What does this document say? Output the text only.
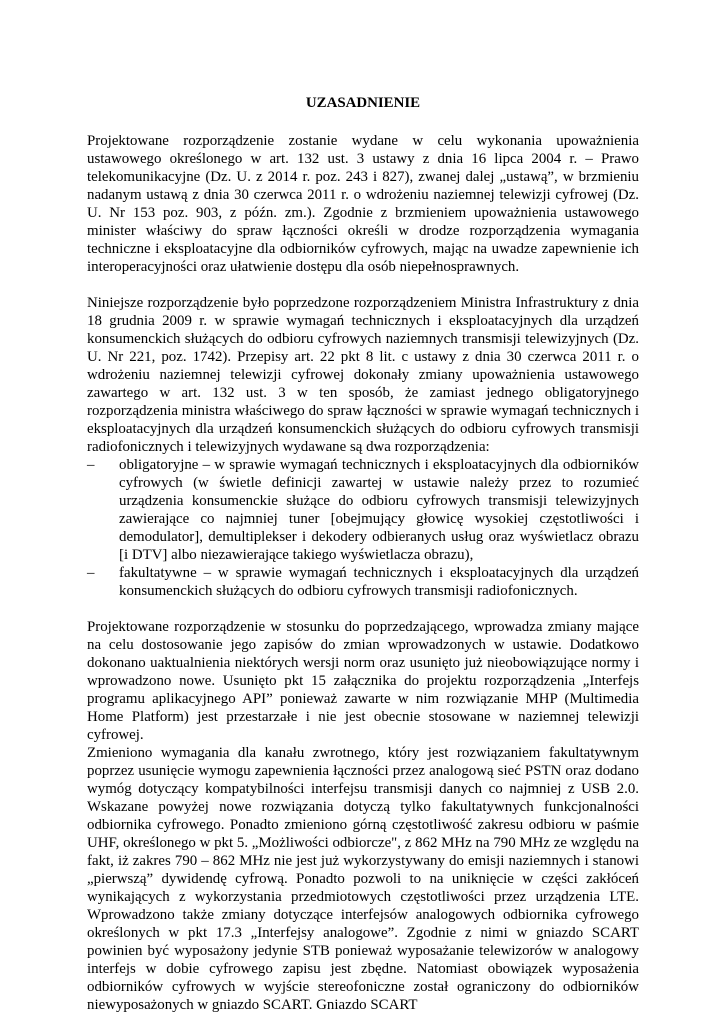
UZASADNIENIE

Projektowane rozporządzenie zostanie wydane w celu wykonania upoważnienia ustawowego określonego w art. 132 ust. 3 ustawy z dnia 16 lipca 2004 r. – Prawo telekomunikacyjne (Dz. U. z 2014 r. poz. 243 i 827), zwanej dalej „ustawą”, w brzmieniu nadanym ustawą z dnia 30 czerwca 2011 r. o wdrożeniu naziemnej telewizji cyfrowej (Dz. U. Nr 153 poz. 903, z późn. zm.). Zgodnie z brzmieniem upoważnienia ustawowego minister właściwy do spraw łączności określi w drodze rozporządzenia wymagania techniczne i eksploatacyjne dla odbiorników cyfrowych, mając na uwadze zapewnienie ich interoperacyjności oraz ułatwienie dostępu dla osób niepełnosprawnych.

Niniejsze rozporządzenie było poprzedzone rozporządzeniem Ministra Infrastruktury z dnia 18 grudnia 2009 r. w sprawie wymagań technicznych i eksploatacyjnych dla urządzeń konsumenckich służących do odbioru cyfrowych naziemnych transmisji telewizyjnych (Dz. U. Nr 221, poz. 1742). Przepisy art. 22 pkt 8 lit. c ustawy z dnia 30 czerwca 2011 r. o wdrożeniu naziemnej telewizji cyfrowej dokonały zmiany upoważnienia ustawowego zawartego w art. 132 ust. 3 w ten sposób, że zamiast jednego obligatoryjnego rozporządzenia ministra właściwego do spraw łączności w sprawie wymagań technicznych i eksploatacyjnych dla urządzeń konsumenckich służących do odbioru cyfrowych transmisji radiofonicznych i telewizyjnych wydawane są dwa rozporządzenia:

– obligatoryjne – w sprawie wymagań technicznych i eksploatacyjnych dla odbiorników cyfrowych (w świetle definicji zawartej w ustawie należy przez to rozumieć urządzenia konsumenckie służące do odbioru cyfrowych transmisji telewizyjnych zawierające co najmniej tuner [obejmujący głowicę wysokiej częstotliwości i demodulator], demultiplekser i dekodery odbieranych usług oraz wyświetlacz obrazu [i DTV] albo niezawierające takiego wyświetlacza obrazu),
– fakultatywne – w sprawie wymagań technicznych i eksploatacyjnych dla urządzeń konsumenckich służących do odbioru cyfrowych transmisji radiofonicznych.

Projektowane rozporządzenie w stosunku do poprzedzającego, wprowadza zmiany mające na celu dostosowanie jego zapisów do zmian wprowadzonych w ustawie. Dodatkowo dokonano uaktualnienia niektórych wersji norm oraz usunięto już nieobowiązujące normy i wprowadzono nowe. Usunięto pkt 15 załącznika do projektu rozporządzenia „Interfejs programu aplikacyjnego API” ponieważ zawarte w nim rozwiązanie MHP (Multimedia Home Platform) jest przestarzałe i nie jest obecnie stosowane w naziemnej telewizji cyfrowej.

Zmieniono wymagania dla kanału zwrotnego, który jest rozwiązaniem fakultatywnym poprzez usunięcie wymogu zapewnienia łączności przez analogową sieć PSTN oraz dodano wymóg dotyczący kompatybilności interfejsu transmisji danych co najmniej z USB 2.0. Wskazane powyżej nowe rozwiązania dotyczą tylko fakultatywnych funkcjonalności odbiornika cyfrowego. Ponadto zmieniono górną częstotliwość zakresu odbioru w paśmie UHF, określonego w pkt 5. „Możliwości odbiorcze", z 862 MHz na 790 MHz ze względu na fakt, iż zakres 790 – 862 MHz nie jest już wykorzystywany do emisji naziemnych i stanowi „pierwszą” dywidendę cyfrową. Ponadto pozwoli to na uniknięcie w części zakłóceń wynikających z wykorzystania przedmiotowych częstotliwości przez urządzenia LTE. Wprowadzono także zmiany dotyczące interfejsów analogowych odbiornika cyfrowego określonych w pkt 17.3 „Interfejsy analogowe”. Zgodnie z nimi w gniazdo SCART powinien być wyposażony jedynie STB ponieważ wyposażanie telewizorów w analogowy interfejs w dobie cyfrowego zapisu jest zbędne. Natomiast obowiązek wyposażenia odbiorników cyfrowych w wyjście stereofoniczne został ograniczony do odbiorników niewyposażonych w gniazdo SCART. Gniazdo SCART
